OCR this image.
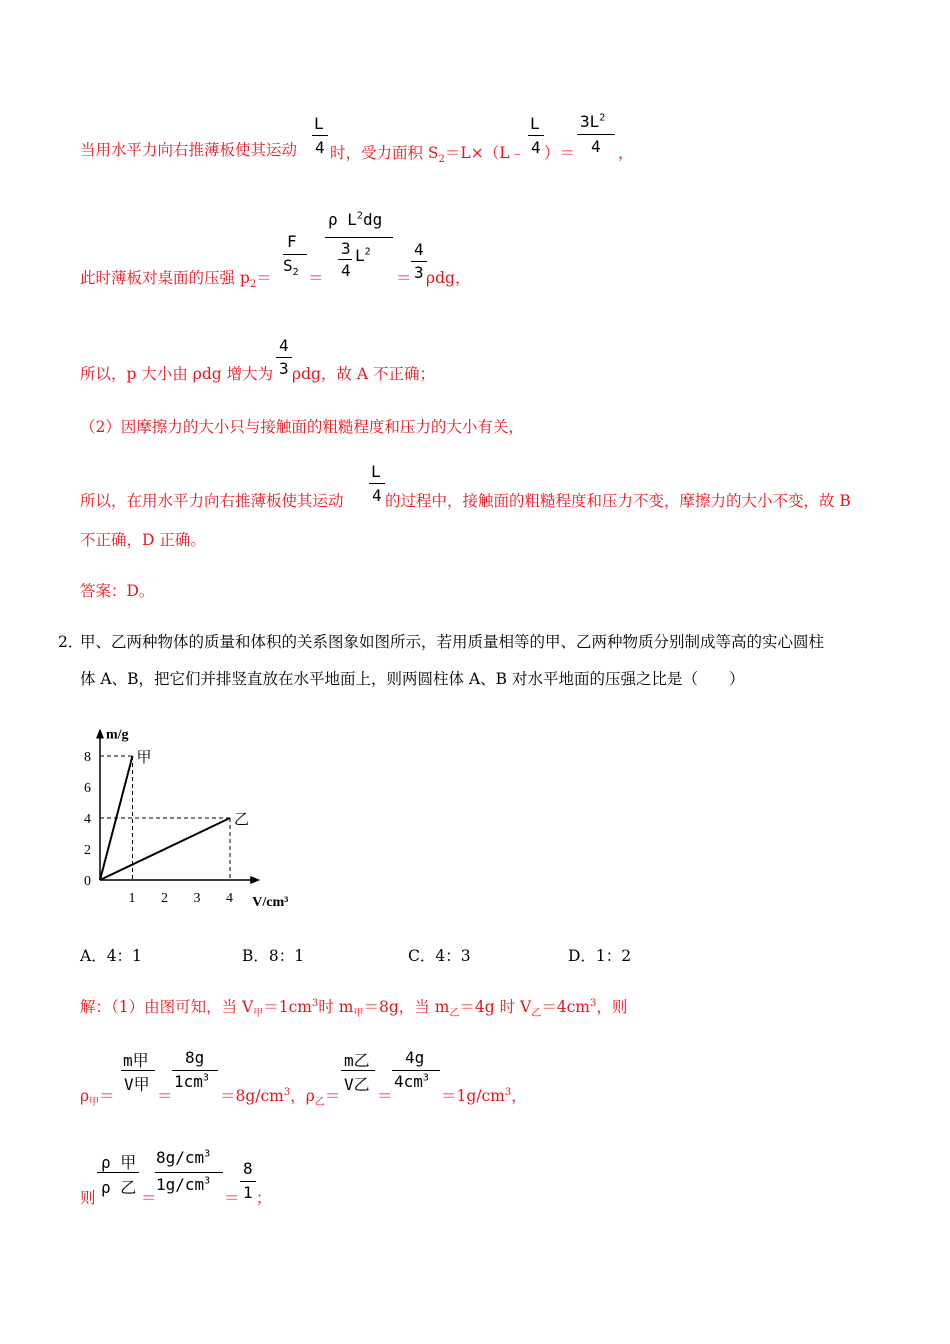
当用水平力向右推薄板使其运动
L
4 时，受力面积 $S_2=L\times(L﹣$
L
4 ）＝
$3L^2$
4 ，
此时薄板对桌面的压强 $p_2=$
F
$S_2$ ＝
ρ $L^2dg$
3
4
$L^2$
＝
4
3 ρdg，
所以，p 大小由 ρdg 增大为
4
3 ρdg，故 A 不正确；
（2）因摩擦力的大小只与接触面的粗糙程度和压力的大小有关，
所以，在用水平力向右推薄板使其运动
L
4 的过程中，接触面的粗糙程度和压力不变，摩擦力的大小不变，故 B
不正确，D 正确。
答案：D。
2．
甲、乙两种物体的质量和体积的关系图象如图所示，若用质量相等的甲、乙两种物质分别制成等高的实心圆柱
体 A、B，把它们并排竖直放在水平地面上，则两圆柱体 A、B 对水平地面的压强之比是（　　）
m/g
V/cm³
1 2 3 4
0
2
4
6
8	甲
乙
A．4：1	B．8：1	C．4：3	D．1：2
解：（1）由图可知，当 $V_甲=1cm^3$时 $m_甲=8g$，当 $m_乙=4g$ 时 $V_乙=4cm^3$，则
$\rho_甲=$
m甲
V甲
＝
8g
$1cm^3$
$=8g/cm^3$，$\rho_乙=$
m乙
V乙
＝
4g
$4cm^3$
$=1g/cm^3$，
则
ρ 甲
ρ 乙
＝
$8g/cm^3$
$1g/cm^3$
＝
8
1 ；
